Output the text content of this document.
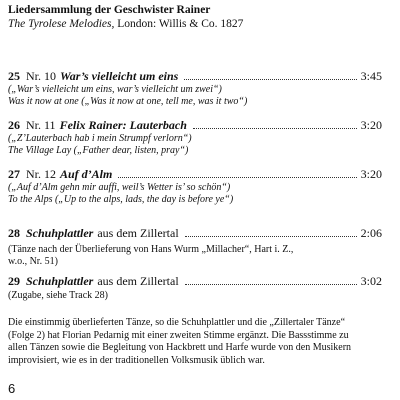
Liedersammlung der Geschwister Rainer
The Tyrolese Melodies, London: Willis & Co. 1827
25 Nr. 10 War’s vielleicht um eins	3:45
(„War’s vielleicht um eins, war’s vielleicht um zwei“)
Was it now at one („Was it now at one, tell me, was it two“)
26 Nr. 11 Felix Rainer: Lauterbach	3:20
(„Z’Lauterbach hab i mein Strumpf verlorn“)
The Village Lay („Father dear, listen, pray“)
27 Nr. 12 Auf d’Alm	3:20
(„Auf d’Alm gehn mir auffi, weil’s Wetter is’ so schön“)
To the Alps („Up to the alps, lads, the day is before ye“)
28 Schuhplattler aus dem Zillertal	2:06
(Tänze nach der Überlieferung von Hans Wurm „Millacher“, Hart i. Z.,
w.o., Nr. 51)
29 Schuhplattler aus dem Zillertal	3:02
(Zugabe, siehe Track 28)

Die einstimmig überlieferten Tänze, so die Schuhplattler und die „Zillertaler Tänze“

(Folge 2) hat Florian Pedarnig mit einer zweiten Stimme ergänzt. Die Bassstimme zu

allen Tänzen sowie die Begleitung von Hackbrett und Harfe wurde von den Musikern

improvisiert, wie es in der traditionellen Volksmusik üblich war.

6
